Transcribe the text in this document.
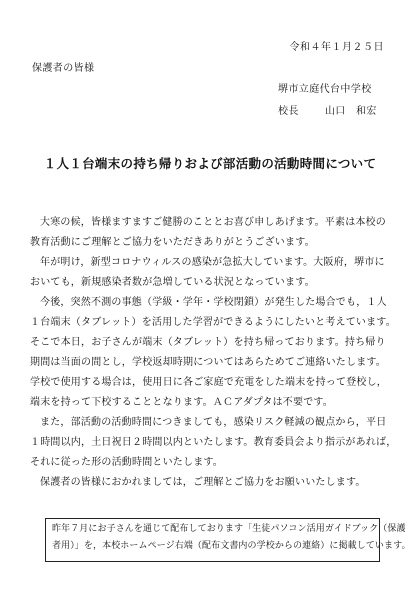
令和４年１月２５日
保護者の皆様
堺市立庭代台中学校
校長	山口　和宏
１人１台端末の持ち帰りおよび部活動の活動時間について
大寒の候，皆様ますますご健勝のこととお喜び申しあげます。平素は本校の
教育活動にご理解とご協力をいただきありがとうございます。
年が明け，新型コロナウィルスの感染が急拡大しています。大阪府，堺市に
おいても，新規感染者数が急増している状況となっています。
今後，突然不測の事態（学級・学年・学校閉鎖）が発生した場合でも，１人
１台端末（タブレット）を活用した学習ができるようにしたいと考えています。
そこで本日，お子さんが端末（タブレット）を持ち帰っております。持ち帰り
期間は当面の間とし，学校返却時期についてはあらためてご連絡いたします。
学校で使用する場合は，使用日に各ご家庭で充電をした端末を持って登校し，
端末を持って下校することとなります。ＡＣアダプタは不要です。
また，部活動の活動時間につきましても，感染リスク軽減の観点から，平日
１時間以内，土日祝日２時間以内といたします。教育委員会より指示があれば，
それに従った形の活動時間といたします。
保護者の皆様におかれましては，ご理解とご協力をお願いいたします。
昨年７月にお子さんを通じて配布しております「生徒パソコン活用ガイドブック（保護
者用）」を，本校ホームページ右端（配布文書内の学校からの連絡）に掲載しています。
